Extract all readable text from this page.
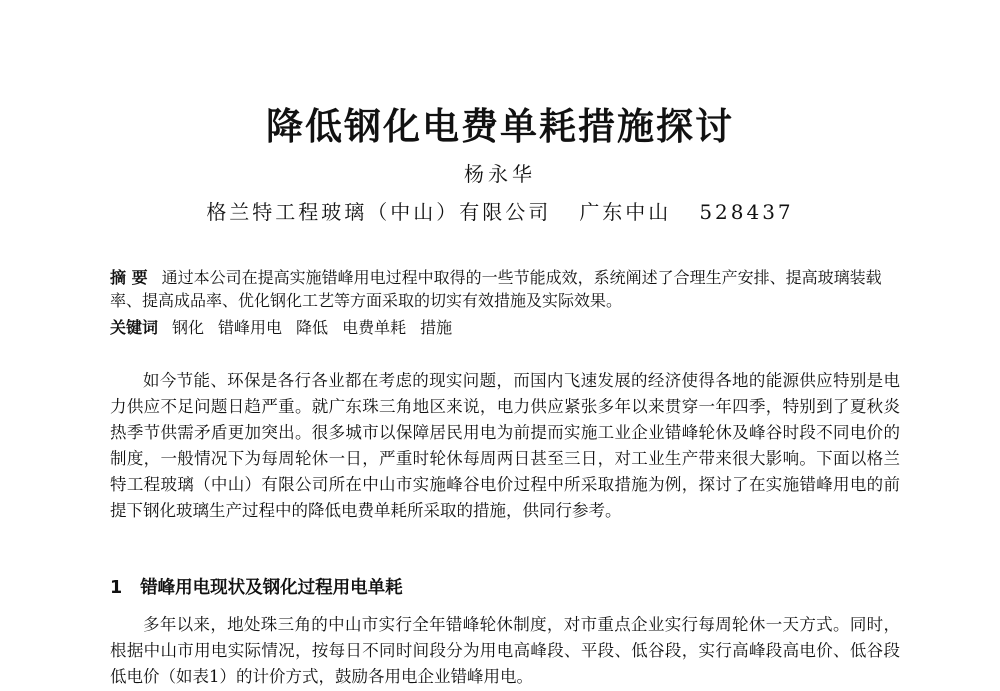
降低钢化电费单耗措施探讨
杨永华
格兰特工程玻璃（中山）有限公司 广东中山 528437
摘 要 通过本公司在提高实施错峰用电过程中取得的一些节能成效，系统阐述了合理生产安排、提高玻璃装载率、提高成品率、优化钢化工艺等方面采取的切实有效措施及实际效果。
关键词 钢化 错峰用电 降低 电费单耗 措施
如今节能、环保是各行各业都在考虑的现实问题，而国内飞速发展的经济使得各地的能源供应特别是电力供应不足问题日趋严重。就广东珠三角地区来说，电力供应紧张多年以来贯穿一年四季，特别到了夏秋炎热季节供需矛盾更加突出。很多城市以保障居民用电为前提而实施工业企业错峰轮休及峰谷时段不同电价的制度，一般情况下为每周轮休一日，严重时轮休每周两日甚至三日，对工业生产带来很大影响。下面以格兰特工程玻璃（中山）有限公司所在中山市实施峰谷电价过程中所采取措施为例，探讨了在实施错峰用电的前提下钢化玻璃生产过程中的降低电费单耗所采取的措施，供同行参考。
1 错峰用电现状及钢化过程用电单耗
多年以来，地处珠三角的中山市实行全年错峰轮休制度，对市重点企业实行每周轮休一天方式。同时，根据中山市用电实际情况，按每日不同时间段分为用电高峰段、平段、低谷段，实行高峰段高电价、低谷段低电价（如表1）的计价方式，鼓励各用电企业错峰用电。
